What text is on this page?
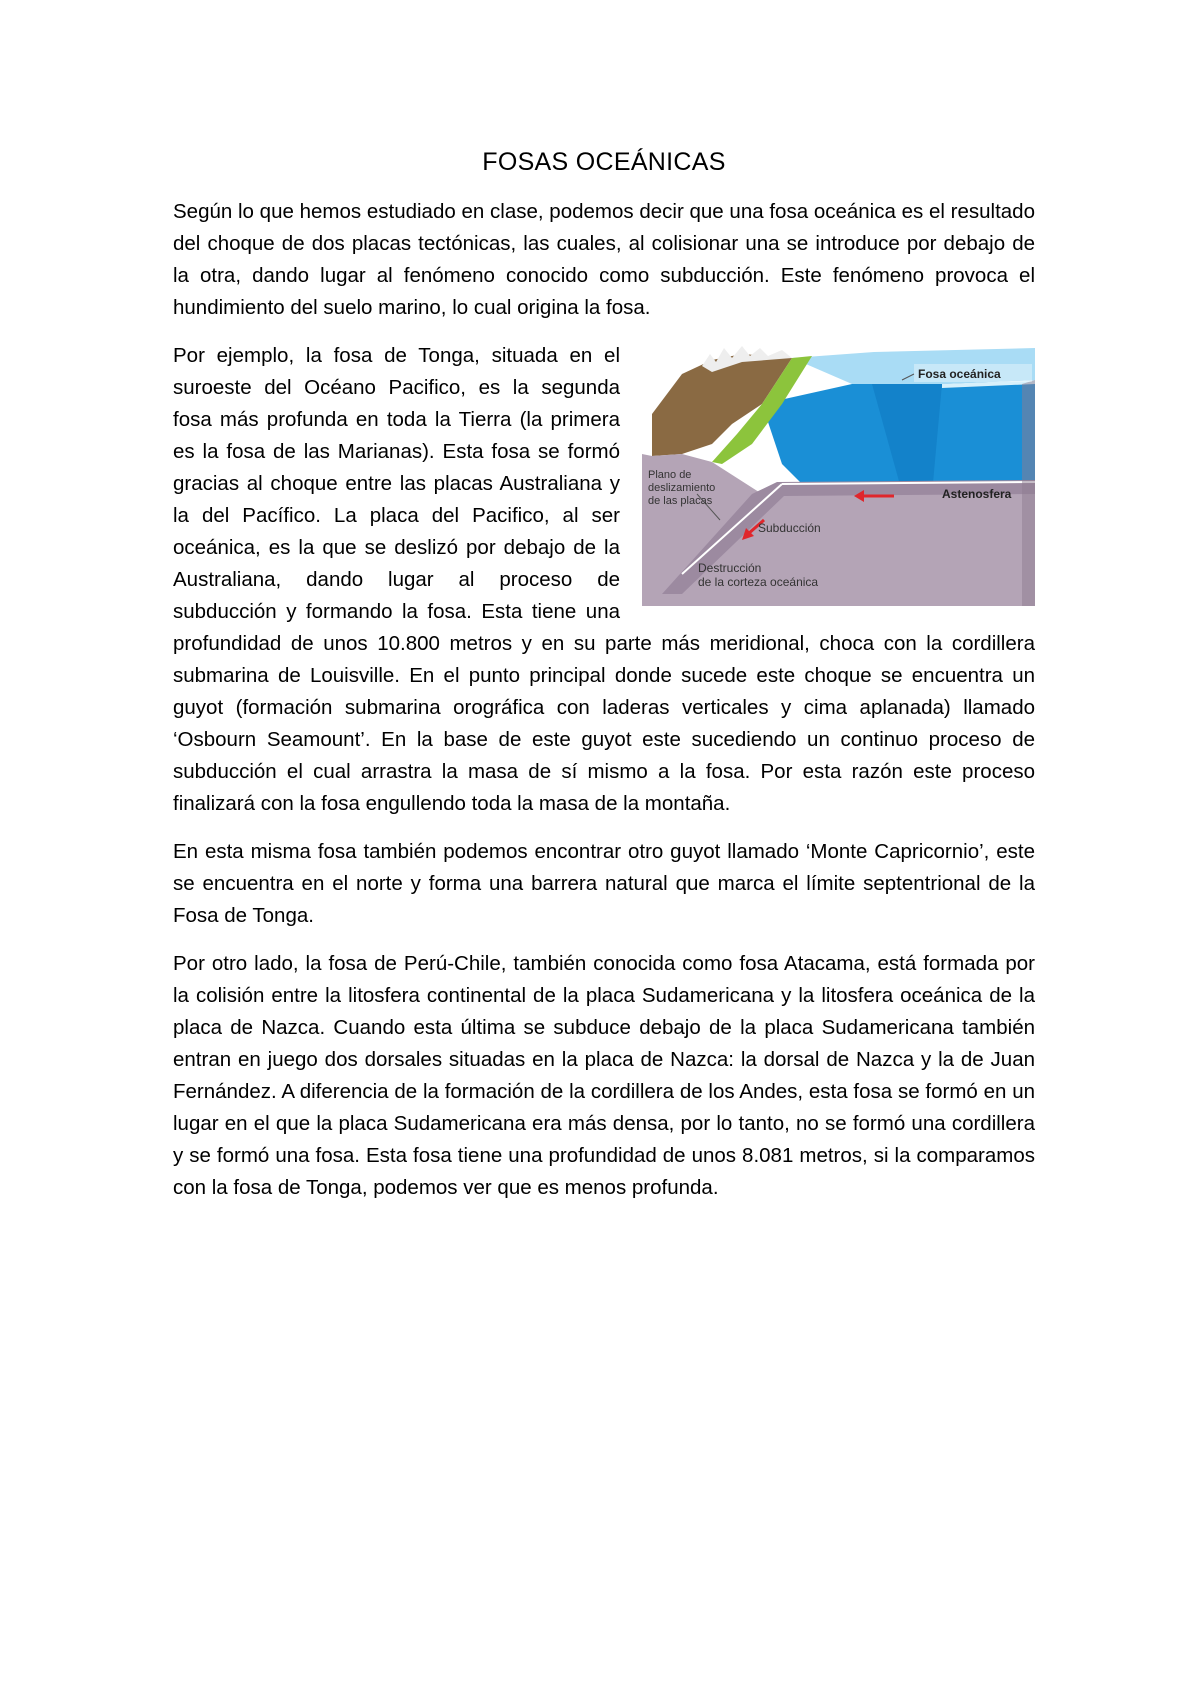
FOSAS OCEÁNICAS

Según lo que hemos estudiado en clase, podemos decir que una fosa oceánica es el resultado del choque de dos placas tectónicas, las cuales, al colisionar una se introduce por debajo de la otra, dando lugar al fenómeno conocido como subducción. Este fenómeno provoca el hundimiento del suelo marino, lo cual origina la fosa.

Fosa oceánica
Plano de
deslizamiento
de las placas	Astenosfera
Subducción
Destrucción
de la corteza oceánica

Por ejemplo, la fosa de Tonga, situada en el suroeste del Océano Pacifico, es la segunda fosa más profunda en toda la Tierra (la primera es la fosa de las Marianas). Esta fosa se formó gracias al choque entre las placas Australiana y la del Pacífico. La placa del Pacifico, al ser oceánica, es la que se deslizó por debajo de la Australiana, dando lugar al proceso de subducción y formando la fosa. Esta tiene una profundidad de unos 10.800 metros y en su parte más meridional, choca con la cordillera submarina de Louisville. En el punto principal donde sucede este choque se encuentra un guyot (formación submarina orográfica con laderas verticales y cima aplanada) llamado ‘Osbourn Seamount’. En la base de este guyot este sucediendo un continuo proceso de subducción el cual arrastra la masa de sí mismo a la fosa. Por esta razón este proceso finalizará con la fosa engullendo toda la masa de la montaña.

En esta misma fosa también podemos encontrar otro guyot llamado ‘Monte Capricornio’, este se encuentra en el norte y forma una barrera natural que marca el límite septentrional de la Fosa de Tonga.

Por otro lado, la fosa de Perú-Chile, también conocida como fosa Atacama, está formada por la colisión entre la litosfera continental de la placa Sudamericana y la litosfera oceánica de la placa de Nazca. Cuando esta última se subduce debajo de la placa Sudamericana también entran en juego dos dorsales situadas en la placa de Nazca: la dorsal de Nazca y la de Juan Fernández. A diferencia de la formación de la cordillera de los Andes, esta fosa se formó en un lugar en el que la placa Sudamericana era más densa, por lo tanto, no se formó una cordillera y se formó una fosa. Esta fosa tiene una profundidad de unos 8.081 metros, si la comparamos con la fosa de Tonga, podemos ver que es menos profunda.
